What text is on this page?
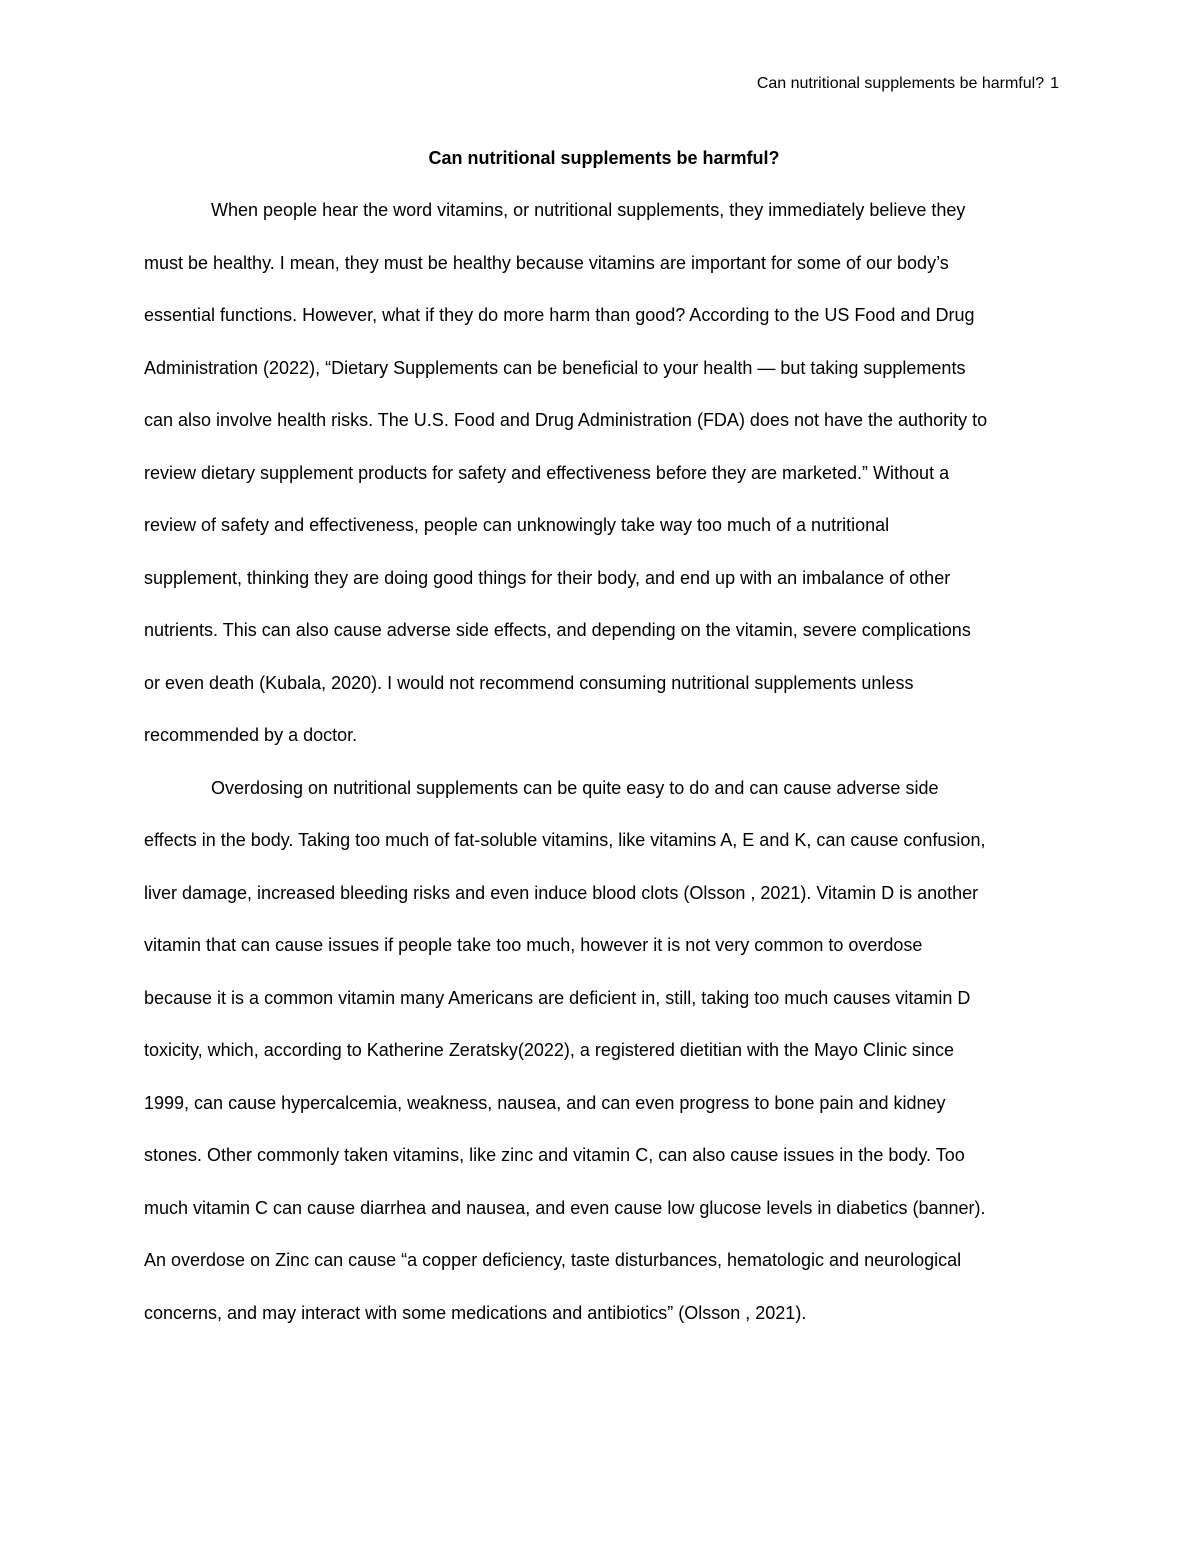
Can nutritional supplements be harmful? 1
Can nutritional supplements be harmful?
When people hear the word vitamins, or nutritional supplements, they immediately believe they
must be healthy. I mean, they must be healthy because vitamins are important for some of our body’s
essential functions. However, what if they do more harm than good? According to the US Food and Drug
Administration (2022), “Dietary Supplements can be beneficial to your health — but taking supplements
can also involve health risks. The U.S. Food and Drug Administration (FDA) does not have the authority to
review dietary supplement products for safety and effectiveness before they are marketed.” Without a
review of safety and effectiveness, people can unknowingly take way too much of a nutritional
supplement, thinking they are doing good things for their body, and end up with an imbalance of other
nutrients. This can also cause adverse side effects, and depending on the vitamin, severe complications
or even death (Kubala, 2020). I would not recommend consuming nutritional supplements unless
recommended by a doctor.
Overdosing on nutritional supplements can be quite easy to do and can cause adverse side
effects in the body. Taking too much of fat-soluble vitamins, like vitamins A, E and K, can cause confusion,
liver damage, increased bleeding risks and even induce blood clots (Olsson , 2021). Vitamin D is another
vitamin that can cause issues if people take too much, however it is not very common to overdose
because it is a common vitamin many Americans are deficient in, still, taking too much causes vitamin D
toxicity, which, according to Katherine Zeratsky(2022), a registered dietitian with the Mayo Clinic since
1999, can cause hypercalcemia, weakness, nausea, and can even progress to bone pain and kidney
stones. Other commonly taken vitamins, like zinc and vitamin C, can also cause issues in the body. Too
much vitamin C can cause diarrhea and nausea, and even cause low glucose levels in diabetics (banner).
An overdose on Zinc can cause “a copper deficiency, taste disturbances, hematologic and neurological
concerns, and may interact with some medications and antibiotics” (Olsson , 2021).
